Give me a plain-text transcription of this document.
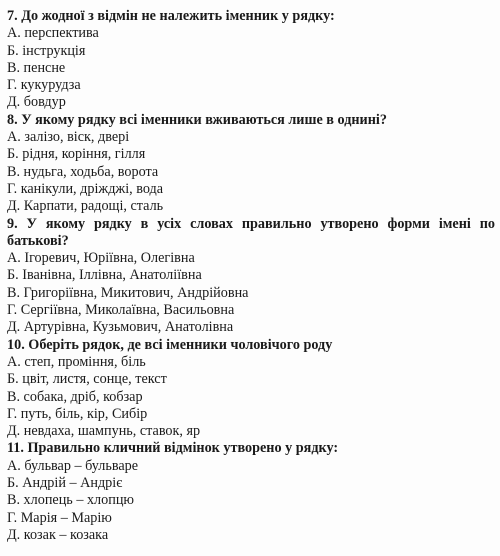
7. До жодної з відмін не належить іменник у рядку:
А. перспектива
Б. інструкція
В. пенсне
Г. кукурудза
Д. бовдур
8. У якому рядку всі іменники вживаються лише в однині?
А. залізо, віск, двері
Б. рідня, коріння, гілля
В. нудьга, ходьба, ворота
Г. канікули, дріжджі, вода
Д. Карпати, радощі, сталь
9. У якому рядку в усіх словах правильно утворено форми імені по батькові?
А. Ігоревич, Юріївна, Олегівна
Б. Іванівна, Іллівна, Анатоліївна
В. Григоріївна, Микитович, Андрійовна
Г. Сергіївна, Миколаївна, Васильовна
Д. Артурівна, Кузьмович, Анатолівна
10. Оберіть рядок, де всі іменники чоловічого роду
А. степ, проміння, біль
Б. цвіт, листя, сонце, текст
В. собака, дріб, кобзар
Г. путь, біль, кір, Сибір
Д. невдаха, шампунь, ставок, яр
11. Правильно кличний відмінок утворено у рядку:
А. бульвар – бульваре
Б. Андрій – Андріє
В. хлопець – хлопцю
Г. Марія – Марію
Д. козак – козака
